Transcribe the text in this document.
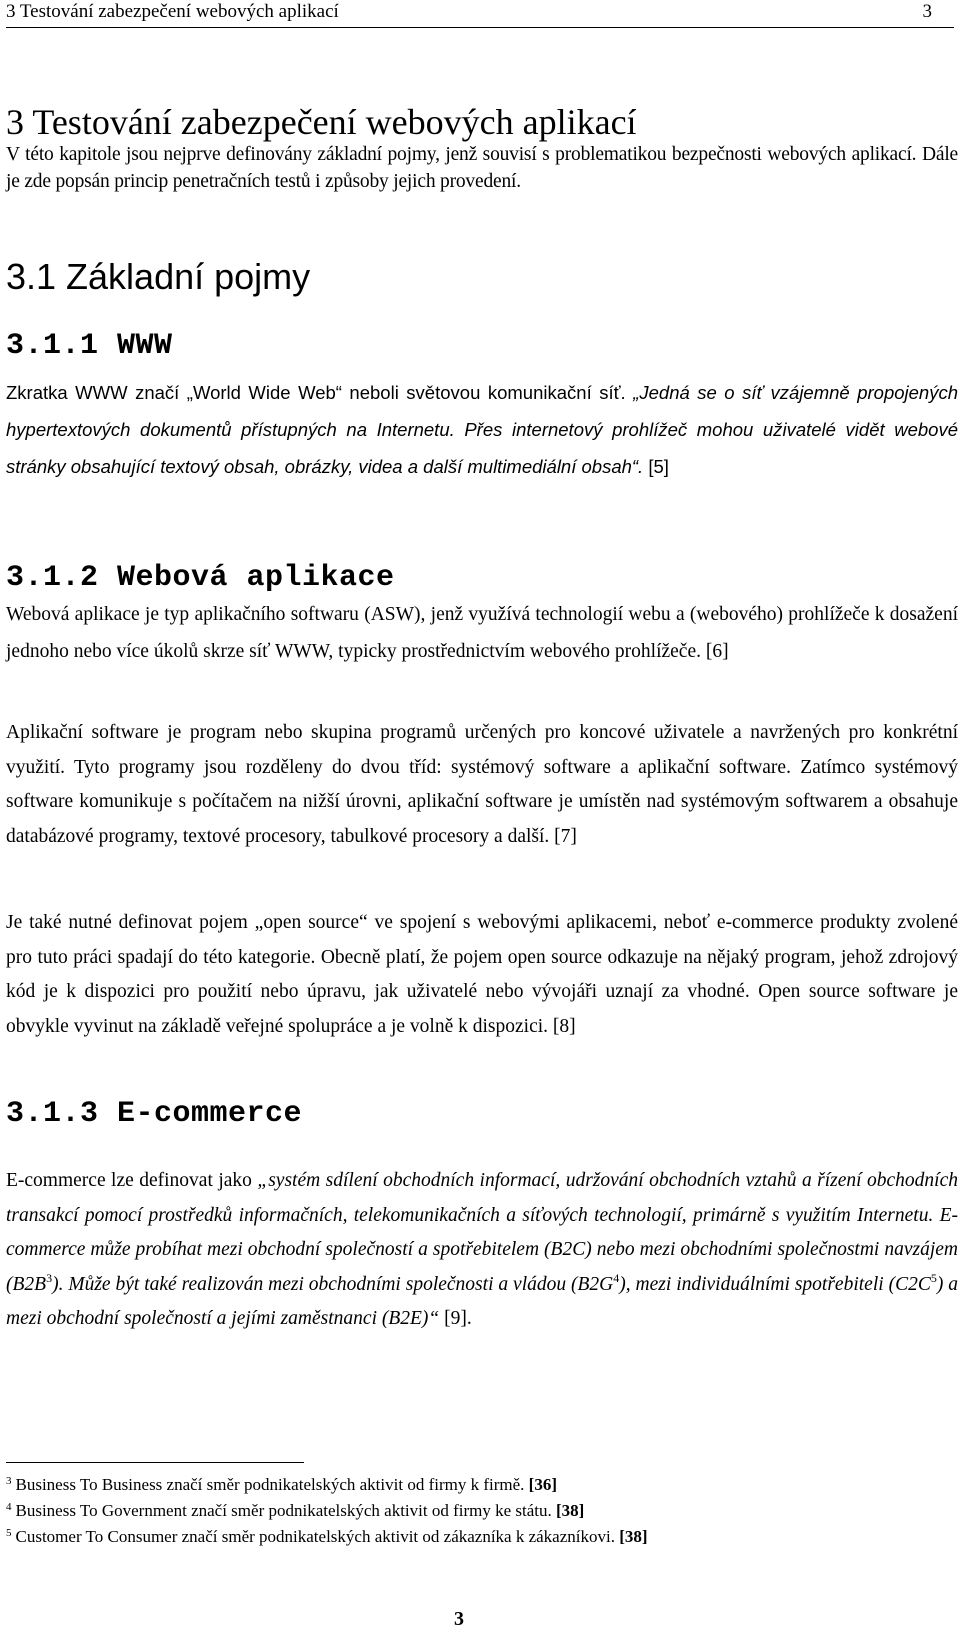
3 Testování zabezpečení webových aplikací	3
3 Testování zabezpečení webových aplikací

V této kapitole jsou nejprve definovány základní pojmy, jenž souvisí s problematikou bezpečnosti webových aplikací. Dále je zde popsán princip penetračních testů i způsoby jejich provedení.

3.1 Základní pojmy
3.1.1 WWW

Zkratka WWW značí „World Wide Web“ neboli světovou komunikační síť. „Jedná se o síť vzájemně propojených hypertextových dokumentů přístupných na Internetu. Přes internetový prohlížeč mohou uživatelé vidět webové stránky obsahující textový obsah, obrázky, videa a další multimediální obsah“. [5]

3.1.2 Webová aplikace

Webová aplikace je typ aplikačního softwaru (ASW), jenž využívá technologií webu a (webového) prohlížeče k dosažení jednoho nebo více úkolů skrze síť WWW, typicky prostřednictvím webového prohlížeče. [6]

Aplikační software je program nebo skupina programů určených pro koncové uživatele a navržených pro konkrétní využití. Tyto programy jsou rozděleny do dvou tříd: systémový software a aplikační software. Zatímco systémový software komunikuje s počítačem na nižší úrovni, aplikační software je umístěn nad systémovým softwarem a obsahuje databázové programy, textové procesory, tabulkové procesory a další. [7]

Je také nutné definovat pojem „open source“ ve spojení s webovými aplikacemi, neboť e-commerce produkty zvolené pro tuto práci spadají do této kategorie. Obecně platí, že pojem open source odkazuje na nějaký program, jehož zdrojový kód je k dispozici pro použití nebo úpravu, jak uživatelé nebo vývojáři uznají za vhodné. Open source software je obvykle vyvinut na základě veřejné spolupráce a je volně k dispozici. [8]

3.1.3 E-commerce

E-commerce lze definovat jako „systém sdílení obchodních informací, udržování obchodních vztahů a řízení obchodních transakcí pomocí prostředků informačních, telekomunikačních a síťových technologií, primárně s využitím Internetu. E-commerce může probíhat mezi obchodní společností a spotřebitelem (B2C) nebo mezi obchodními společnostmi navzájem $(B2B^3)$. Může být také realizován mezi obchodními společnosti a vládou $(B2G^4)$, mezi individuálními spotřebiteli $(C2C^5)$ a mezi obchodní společností a jejími zaměstnanci (B2E)“ [9].

$^3$ Business To Business značí směr podnikatelských aktivit od firmy k firmě. [36]
$^4$ Business To Government značí směr podnikatelských aktivit od firmy ke státu. [38]
$^5$ Customer To Consumer značí směr podnikatelských aktivit od zákazníka k zákazníkovi. [38]
3
